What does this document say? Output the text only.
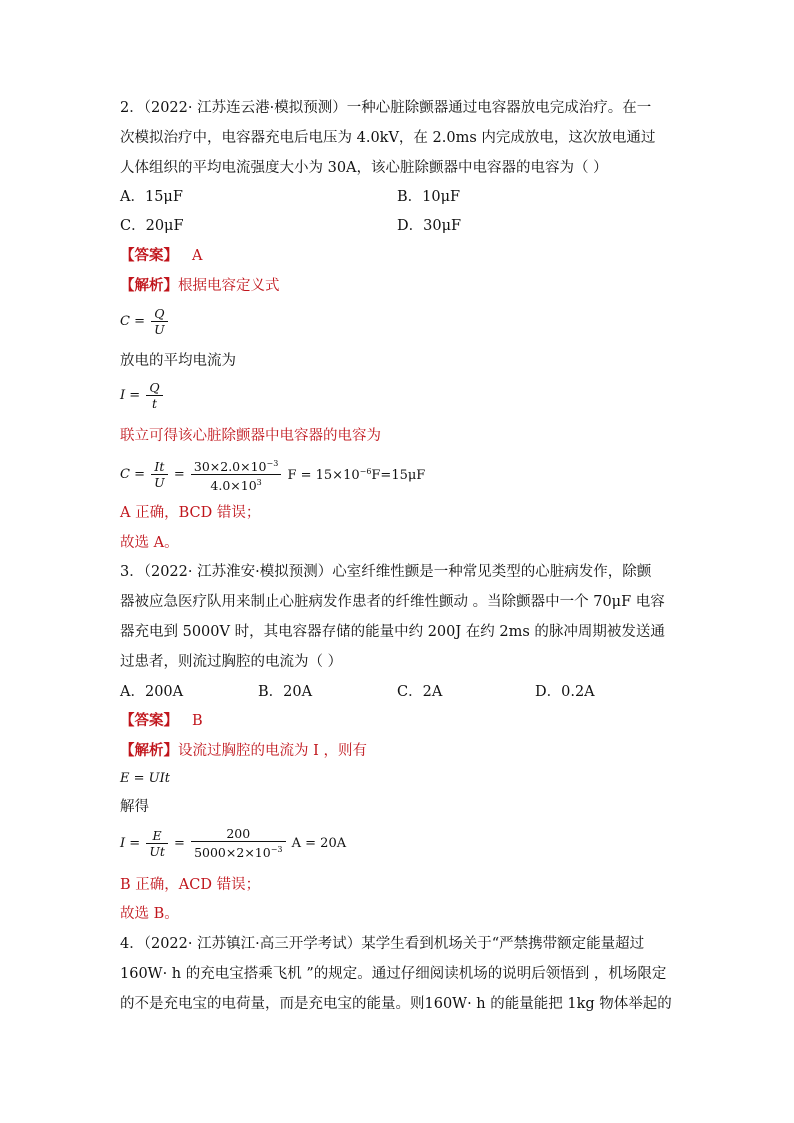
2．（2022· 江苏连云港·模拟预测）一种心脏除颤器通过电容器放电完成治疗。在一
次模拟治疗中，电容器充电后电压为 4.0kV，在 2.0ms 内完成放电，这次放电通过
人体组织的平均电流强度大小为 30A，该心脏除颤器中电容器的电容为（ ）
A．15μF	B．10μF
C．20μF	D．30μF
【答案】 A
【解析】根据电容定义式
$C = \frac{Q}{U}$
放电的平均电流为
$I = \frac{Q}{t}$
联立可得该心脏除颤器中电容器的电容为
$C = \frac{It}{U} = \frac{30\times 2.0\times 10^{-3}}{4.0\times 10^3}$ $F = 15\times 10^{-6}F=15\mu F$
A 正确，BCD 错误；
故选 A。
3．（2022· 江苏淮安·模拟预测）心室纤维性颤是一种常见类型的心脏病发作，除颤
器被应急医疗队用来制止心脏病发作患者的纤维性颤动 。当除颤器中一个 70μF 电容
器充电到 5000V 时，其电容器存储的能量中约 200J 在约 2ms 的脉冲周期被发送通
过患者，则流过胸腔的电流为（ ）
A．200A	B．20A	C．2A	D．0.2A
【答案】 B
【解析】设流过胸腔的电流为 I ，则有
E = UIt
解得
$I = \frac{E}{Ut} = \frac{200}{5000\times 2\times 10^{-3}}$ A = 20A
B 正确，ACD 错误；
故选 B。
4．（2022· 江苏镇江·高三开学考试）某学生看到机场关于“严禁携带额定能量超过
160W· h 的充电宝搭乘飞机 ”的规定。通过仔细阅读机场的说明后领悟到 ，机场限定
的不是充电宝的电荷量，而是充电宝的能量。则160W· h 的能量能把 1kg 物体举起的
